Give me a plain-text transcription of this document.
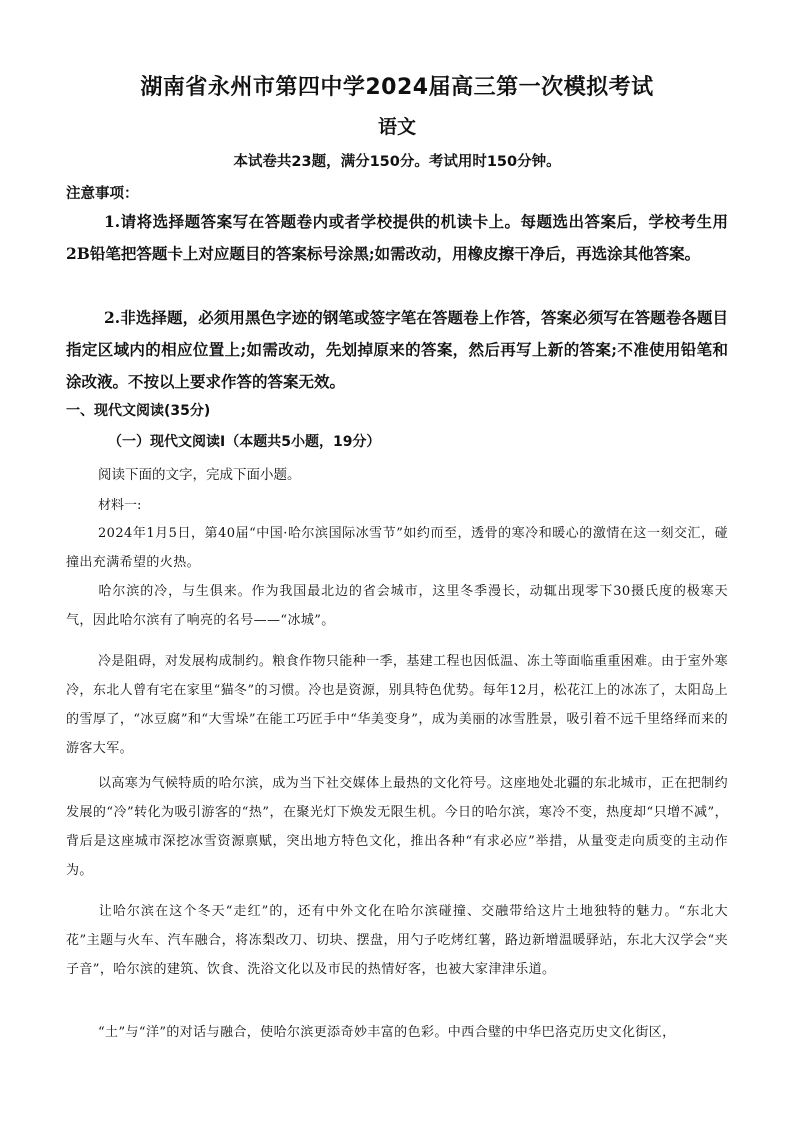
湖南省永州市第四中学2024届高三第一次模拟考试
语文
本试卷共23题，满分150分。考试用时150分钟。
注意事项：
1.请将选择题答案写在答题卷内或者学校提供的机读卡上。每题选出答案后，学校考生用2B铅笔把答题卡上对应题目的答案标号涂黑;如需改动，用橡皮擦干净后，再选涂其他答案。
2.非选择题，必须用黑色字迹的钢笔或签字笔在答题卷上作答，答案必须写在答题卷各题目指定区域内的相应位置上;如需改动，先划掉原来的答案，然后再写上新的答案;不准使用铅笔和涂改液。不按以上要求作答的答案无效。
一、现代文阅读(35分)
（一）现代文阅读Ⅰ（本题共5小题，19分）
阅读下面的文字，完成下面小题。
材料一:
2024年1月5日，第40届“中国·哈尔滨国际冰雪节”如约而至，透骨的寒冷和暖心的激情在这一刻交汇，碰撞出充满希望的火热。
哈尔滨的冷，与生俱来。作为我国最北边的省会城市，这里冬季漫长，动辄出现零下30摄氏度的极寒天气，因此哈尔滨有了响亮的名号——“冰城”。
冷是阻碍，对发展构成制约。粮食作物只能种一季，基建工程也因低温、冻土等面临重重困难。由于室外寒冷，东北人曾有宅在家里“猫冬”的习惯。冷也是资源，别具特色优势。每年12月，松花江上的冰冻了，太阳岛上的雪厚了，“冰豆腐”和“大雪垛”在能工巧匠手中“华美变身”，成为美丽的冰雪胜景，吸引着不远千里络绎而来的游客大军。
以高寒为气候特质的哈尔滨，成为当下社交媒体上最热的文化符号。这座地处北疆的东北城市，正在把制约发展的“冷”转化为吸引游客的“热”，在聚光灯下焕发无限生机。今日的哈尔滨，寒冷不变，热度却“只增不减”，背后是这座城市深挖冰雪资源禀赋，突出地方特色文化，推出各种“有求必应”举措，从量变走向质变的主动作为。
让哈尔滨在这个冬天“走红”的，还有中外文化在哈尔滨碰撞、交融带给这片土地独特的魅力。“东北大花”主题与火车、汽车融合，将冻梨改刀、切块、摆盘，用勺子吃烤红薯，路边新增温暖驿站，东北大汉学会“夹子音”，哈尔滨的建筑、饮食、洗浴文化以及市民的热情好客，也被大家津津乐道。
“土”与“洋”的对话与融合，使哈尔滨更添奇妙丰富的色彩。中西合璧的中华巴洛克历史文化街区，
